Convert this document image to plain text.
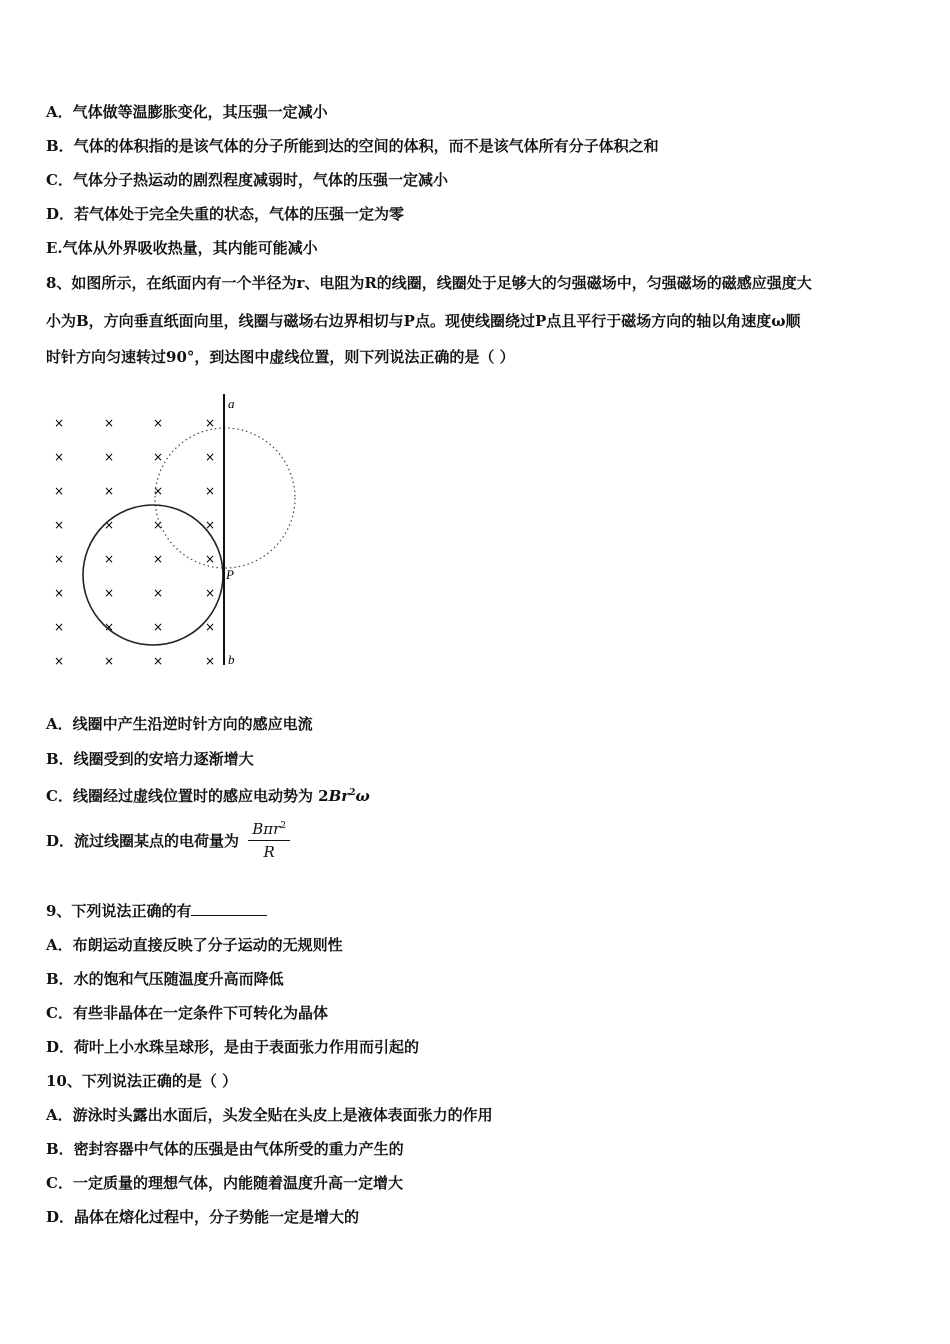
A．气体做等温膨胀变化，其压强一定减小
B．气体的体积指的是该气体的分子所能到达的空间的体积，而不是该气体所有分子体积之和
C．气体分子热运动的剧烈程度减弱时，气体的压强一定减小
D．若气体处于完全失重的状态，气体的压强一定为零
E.气体从外界吸收热量，其内能可能减小
8、如图所示，在纸面内有一个半径为r、电阻为R的线圈，线圈处于足够大的匀强磁场中，匀强磁场的磁感应强度大
小为B，方向垂直纸面向里，线圈与磁场右边界相切与P点。现使线圈绕过P点且平行于磁场方向的轴以角速度ω顺
时针方向匀速转过90°，到达图中虚线位置，则下列说法正确的是（ ）
×	×	×	×
×	×	×	×
×	×	×	×
×	×	×	×
×	×	×	×
×	×	×	×
×	×	×	×
×	×	×	×
a
b
P
A．线圈中产生沿逆时针方向的感应电流
B．线圈受到的安培力逐渐增大
C．线圈经过虚线位置时的感应电动势为 2Br$^2$ω
D．流过线圈某点的电荷量为 $\frac{B\pi r^2}{R}$
9、下列说法正确的有
A．布朗运动直接反映了分子运动的无规则性
B．水的饱和气压随温度升高而降低
C．有些非晶体在一定条件下可转化为晶体
D．荷叶上小水珠呈球形，是由于表面张力作用而引起的
10、下列说法正确的是（ ）
A．游泳时头露出水面后，头发全贴在头皮上是液体表面张力的作用
B．密封容器中气体的压强是由气体所受的重力产生的
C．一定质量的理想气体，内能随着温度升高一定增大
D．晶体在熔化过程中，分子势能一定是增大的
